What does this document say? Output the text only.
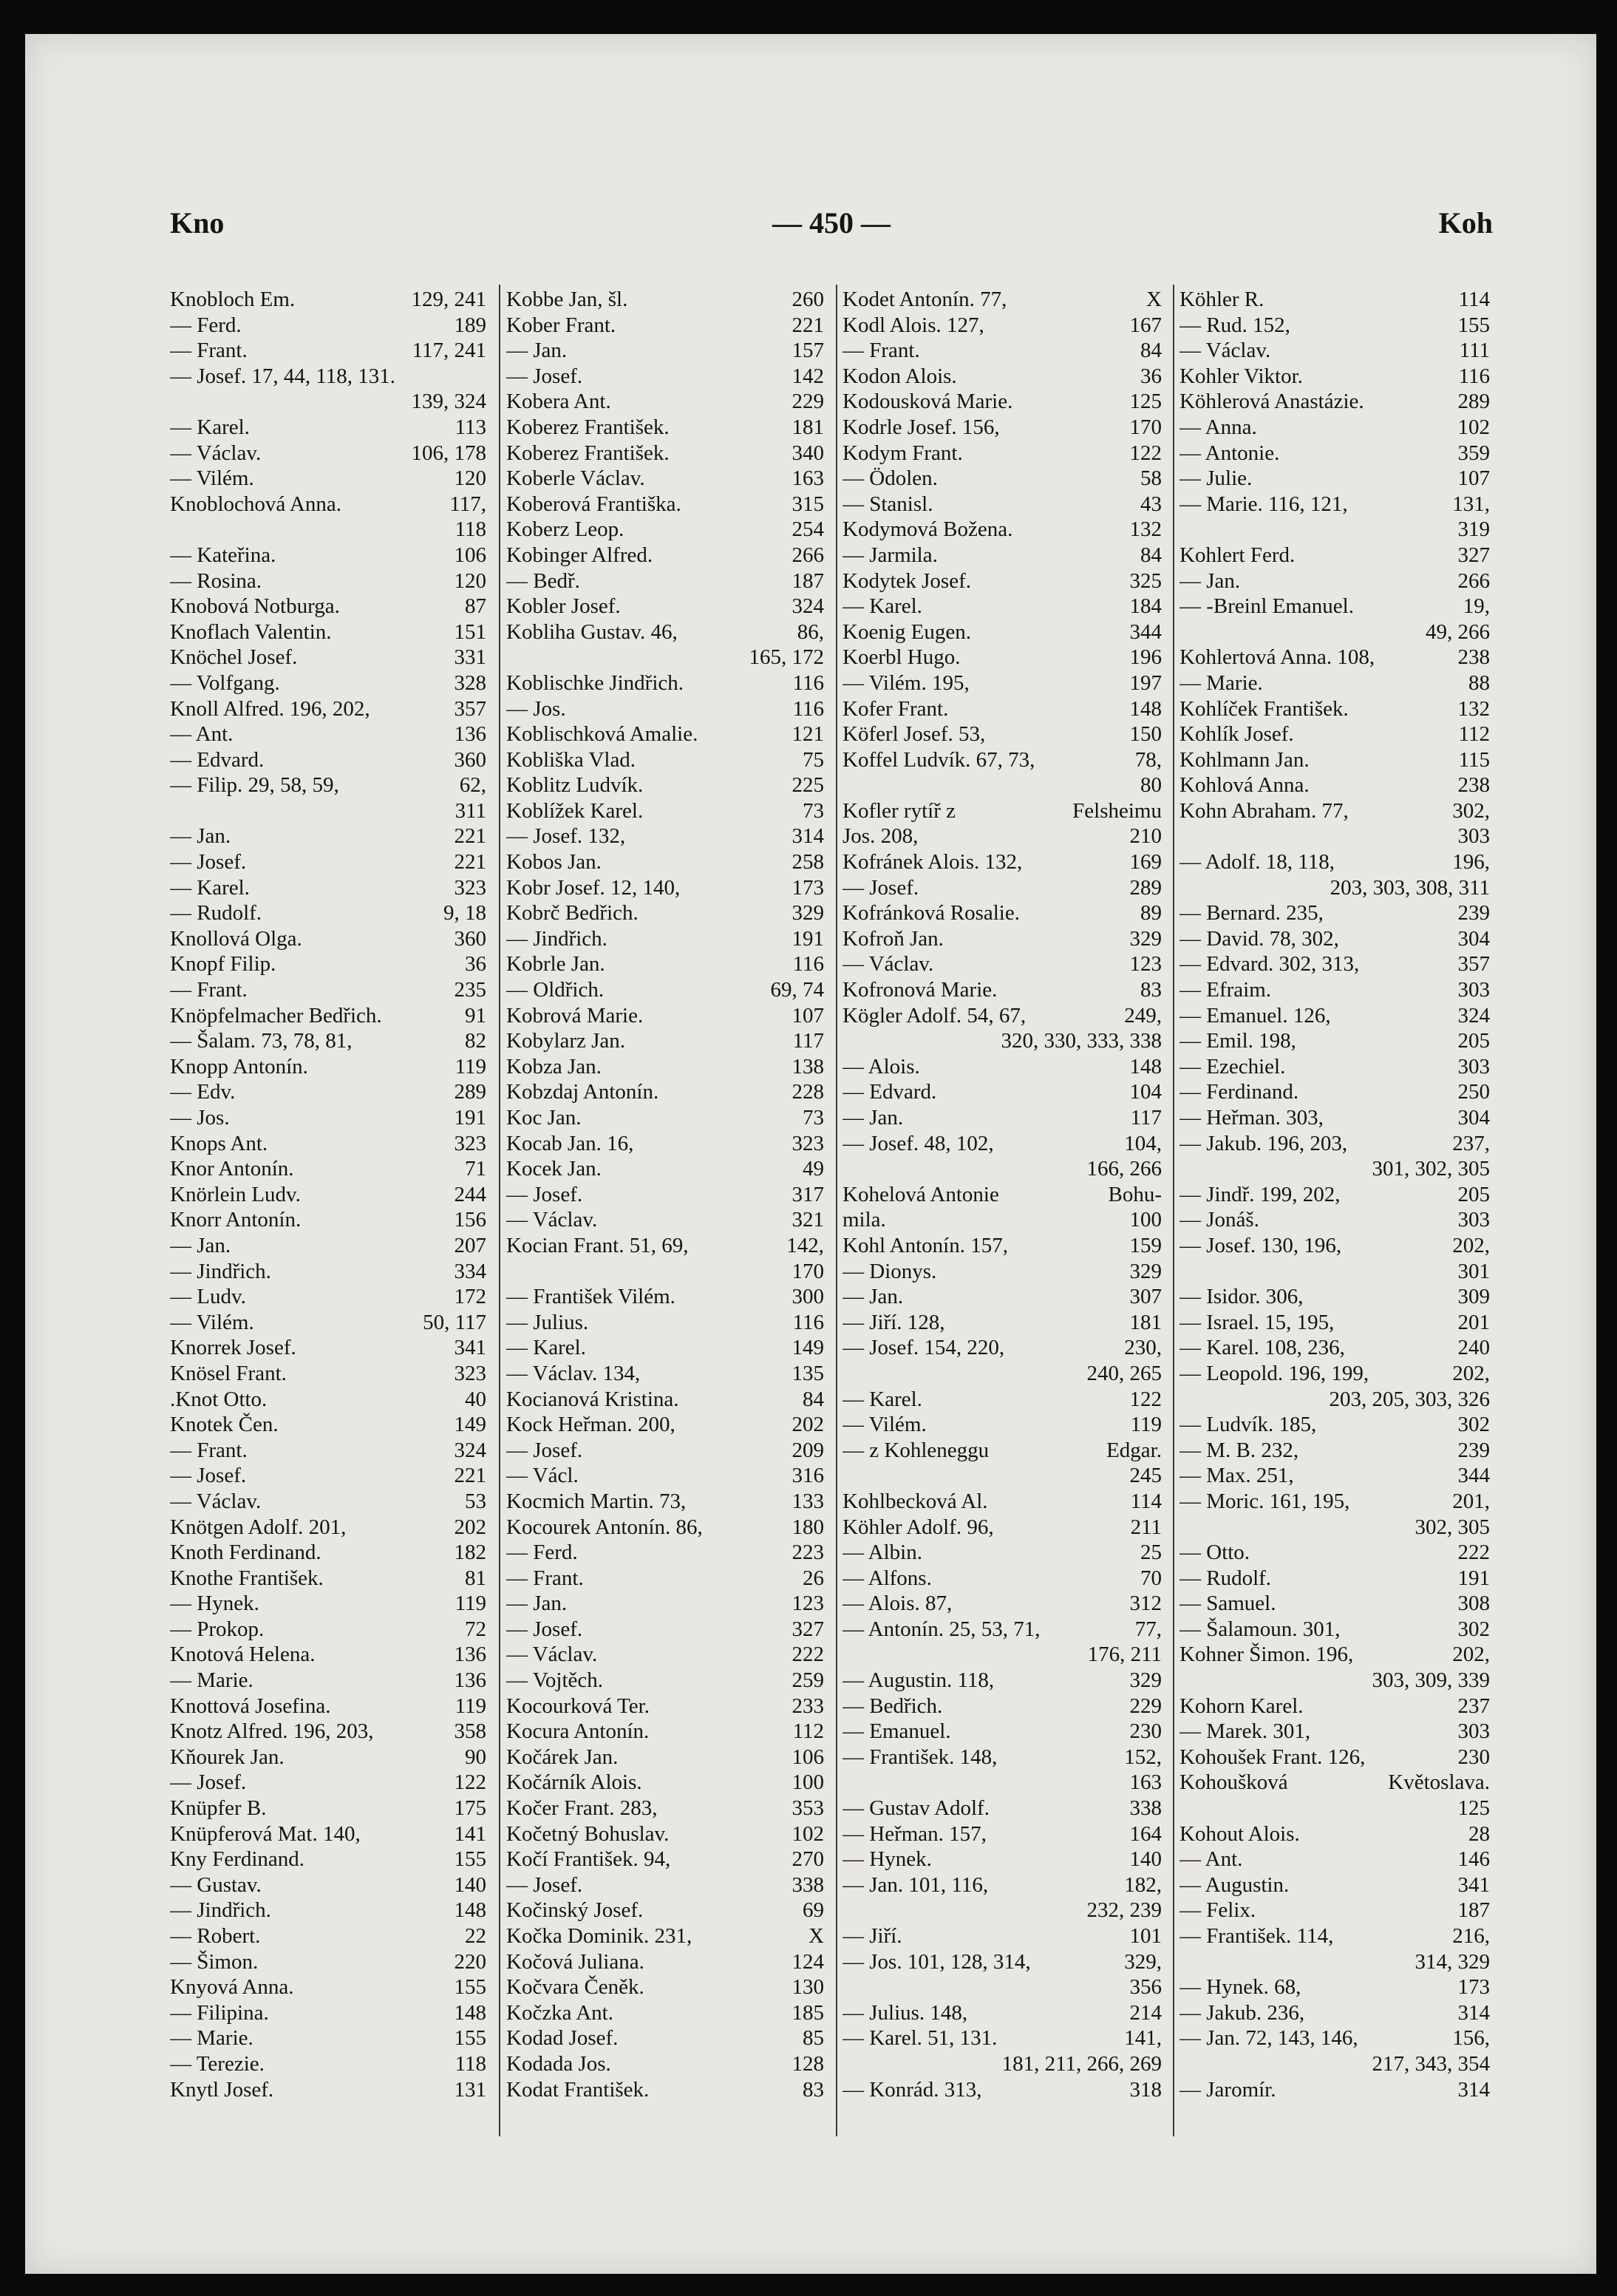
Kno	— 450 —	Koh
Knobloch Em.	129, 241
— Ferd.	189
— Frant.	117, 241
— Josef. 17, 44, 118, 131.
139, 324
— Karel.	113
— Václav.	106, 178
— Vilém.	120
Knoblochová Anna.	117,
118
— Kateřina.	106
— Rosina.	120
Knobová Notburga.	87
Knoflach Valentin.	151
Knöchel Josef.	331
— Volfgang.	328
Knoll Alfred. 196, 202,	357
— Ant.	136
— Edvard.	360
— Filip. 29, 58, 59,	62,
311
— Jan.	221
— Josef.	221
— Karel.	323
— Rudolf.	9, 18
Knollová Olga.	360
Knopf Filip.	36
— Frant.	235
Knöpfelmacher Bedřich.	91
— Šalam. 73, 78, 81,	82
Knopp Antonín.	119
— Edv.	289
— Jos.	191
Knops Ant.	323
Knor Antonín.	71
Knörlein Ludv.	244
Knorr Antonín.	156
— Jan.	207
— Jindřich.	334
— Ludv.	172
— Vilém.	50, 117
Knorrek Josef.	341
Knösel Frant.	323
.Knot Otto.	40
Knotek Čen.	149
— Frant.	324
— Josef.	221
— Václav.	53
Knötgen Adolf. 201,	202
Knoth Ferdinand.	182
Knothe František.	81
— Hynek.	119
— Prokop.	72
Knotová Helena.	136
— Marie.	136
Knottová Josefina.	119
Knotz Alfred. 196, 203,	358
Kňourek Jan.	90
— Josef.	122
Knüpfer B.	175
Knüpferová Mat. 140,	141
Kny Ferdinand.	155
— Gustav.	140
— Jindřich.	148
— Robert.	22
— Šimon.	220
Knyová Anna.	155
— Filipina.	148
— Marie.	155
— Terezie.	118
Knytl Josef.	131
Kobbe Jan, šl.	260
Kober Frant.	221
— Jan.	157
— Josef.	142
Kobera Ant.	229
Koberez František.	181
Koberez František.	340
Koberle Václav.	163
Koberová Františka.	315
Koberz Leop.	254
Kobinger Alfred.	266
— Bedř.	187
Kobler Josef.	324
Kobliha Gustav. 46,	86,
165, 172
Koblischke Jindřich.	116
— Jos.	116
Koblischková Amalie.	121
Kobliška Vlad.	75
Koblitz Ludvík.	225
Koblížek Karel.	73
— Josef. 132,	314
Kobos Jan.	258
Kobr Josef. 12, 140,	173
Kobrč Bedřich.	329
— Jindřich.	191
Kobrle Jan.	116
— Oldřich.	69, 74
Kobrová Marie.	107
Kobylarz Jan.	117
Kobza Jan.	138
Kobzdaj Antonín.	228
Koc Jan.	73
Kocab Jan. 16,	323
Kocek Jan.	49
— Josef.	317
— Václav.	321
Kocian Frant. 51, 69,	142,
170
— František Vilém.	300
— Julius.	116
— Karel.	149
— Václav. 134,	135
Kocianová Kristina.	84
Kock Heřman. 200,	202
— Josef.	209
— Václ.	316
Kocmich Martin. 73,	133
Kocourek Antonín. 86,	180
— Ferd.	223
— Frant.	26
— Jan.	123
— Josef.	327
— Václav.	222
— Vojtěch.	259
Kocourková Ter.	233
Kocura Antonín.	112
Kočárek Jan.	106
Kočárník Alois.	100
Kočer Frant. 283,	353
Kočetný Bohuslav.	102
Kočí František. 94,	270
— Josef.	338
Kočinský Josef.	69
Kočka Dominik. 231,	X
Kočová Juliana.	124
Kočvara Čeněk.	130
Kočzka Ant.	185
Kodad Josef.	85
Kodada Jos.	128
Kodat František.	83
Kodet Antonín. 77,	X
Kodl Alois. 127,	167
— Frant.	84
Kodon Alois.	36
Kodousková Marie.	125
Kodrle Josef. 156,	170
Kodym Frant.	122
— Ödolen.	58
— Stanisl.	43
Kodymová Božena.	132
— Jarmila.	84
Kodytek Josef.	325
— Karel.	184
Koenig Eugen.	344
Koerbl Hugo.	196
— Vilém. 195,	197
Kofer Frant.	148
Köferl Josef. 53,	150
Koffel Ludvík. 67, 73,	78,
80
Kofler rytíř z	Felsheimu
Jos. 208,	210
Kofránek Alois. 132,	169
— Josef.	289
Kofránková Rosalie.	89
Kofroň Jan.	329
— Václav.	123
Kofronová Marie.	83
Kögler Adolf. 54, 67,	249,
320, 330, 333, 338
— Alois.	148
— Edvard.	104
— Jan.	117
— Josef. 48, 102,	104,
166, 266
Kohelová Antonie	Bohu-
mila.	100
Kohl Antonín. 157,	159
— Dionys.	329
— Jan.	307
— Jiří. 128,	181
— Josef. 154, 220,	230,
240, 265
— Karel.	122
— Vilém.	119
— z Kohleneggu	Edgar.
245
Kohlbecková Al.	114
Köhler Adolf. 96,	211
— Albin.	25
— Alfons.	70
— Alois. 87,	312
— Antonín. 25, 53, 71,	77,
176, 211
— Augustin. 118,	329
— Bedřich.	229
— Emanuel.	230
— František. 148,	152,
163
— Gustav Adolf.	338
— Heřman. 157,	164
— Hynek.	140
— Jan. 101, 116,	182,
232, 239
— Jiří.	101
— Jos. 101, 128, 314,	329,
356
— Julius. 148,	214
— Karel. 51, 131.	141,
181, 211, 266, 269
— Konrád. 313,	318
Köhler R.	114
— Rud. 152,	155
— Václav.	111
Kohler Viktor.	116
Köhlerová Anastázie.	289
— Anna.	102
— Antonie.	359
— Julie.	107
— Marie. 116, 121,	131,
319
Kohlert Ferd.	327
— Jan.	266
— -Breinl Emanuel.	19,
49, 266
Kohlertová Anna. 108,	238
— Marie.	88
Kohlíček František.	132
Kohlík Josef.	112
Kohlmann Jan.	115
Kohlová Anna.	238
Kohn Abraham. 77,	302,
303
— Adolf. 18, 118,	196,
203, 303, 308, 311
— Bernard. 235,	239
— David. 78, 302,	304
— Edvard. 302, 313,	357
— Efraim.	303
— Emanuel. 126,	324
— Emil. 198,	205
— Ezechiel.	303
— Ferdinand.	250
— Heřman. 303,	304
— Jakub. 196, 203,	237,
301, 302, 305
— Jindř. 199, 202,	205
— Jonáš.	303
— Josef. 130, 196,	202,
301
— Isidor. 306,	309
— Israel. 15, 195,	201
— Karel. 108, 236,	240
— Leopold. 196, 199,	202,
203, 205, 303, 326
— Ludvík. 185,	302
— M. B. 232,	239
— Max. 251,	344
— Moric. 161, 195,	201,
302, 305
— Otto.	222
— Rudolf.	191
— Samuel.	308
— Šalamoun. 301,	302
Kohner Šimon. 196,	202,
303, 309, 339
Kohorn Karel.	237
— Marek. 301,	303
Kohoušek Frant. 126,	230
Kohoušková	Květoslava.
125
Kohout Alois.	28
— Ant.	146
— Augustin.	341
— Felix.	187
— František. 114,	216,
314, 329
— Hynek. 68,	173
— Jakub. 236,	314
— Jan. 72, 143, 146,	156,
217, 343, 354
— Jaromír.	314
